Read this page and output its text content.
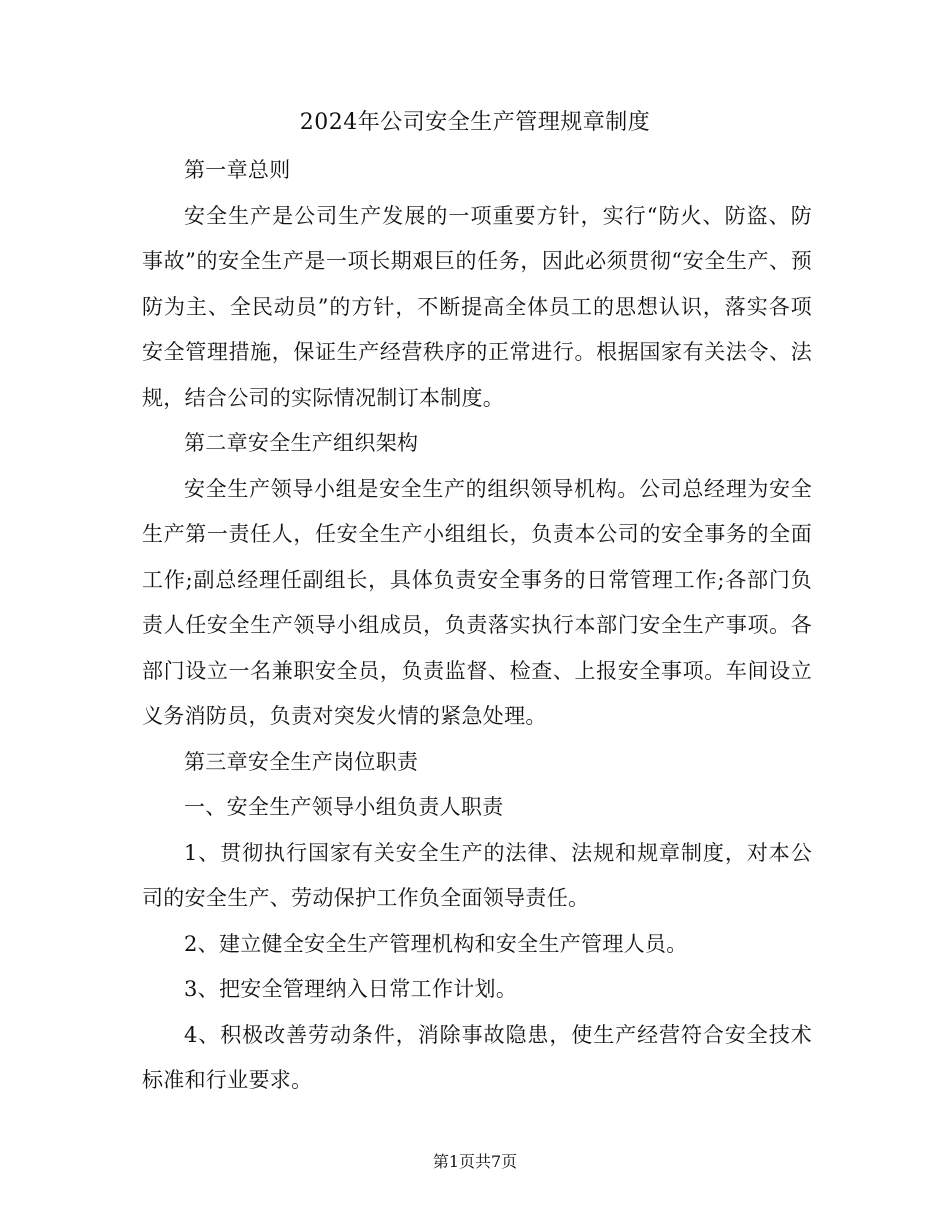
2024年公司安全生产管理规章制度

第一章总则

安全生产是公司生产发展的一项重要方针，实行“防火、防盗、防事故”的安全生产是一项长期艰巨的任务，因此必须贯彻“安全生产、预防为主、全民动员”的方针，不断提高全体员工的思想认识，落实各项安全管理措施，保证生产经营秩序的正常进行。根据国家有关法令、法规，结合公司的实际情况制订本制度。

第二章安全生产组织架构

安全生产领导小组是安全生产的组织领导机构。公司总经理为安全生产第一责任人，任安全生产小组组长，负责本公司的安全事务的全面工作;副总经理任副组长，具体负责安全事务的日常管理工作;各部门负责人任安全生产领导小组成员，负责落实执行本部门安全生产事项。各部门设立一名兼职安全员，负责监督、检查、上报安全事项。车间设立义务消防员，负责对突发火情的紧急处理。

第三章安全生产岗位职责

一、安全生产领导小组负责人职责

1、贯彻执行国家有关安全生产的法律、法规和规章制度，对本公司的安全生产、劳动保护工作负全面领导责任。

2、建立健全安全生产管理机构和安全生产管理人员。

3、把安全管理纳入日常工作计划。

4、积极改善劳动条件，消除事故隐患，使生产经营符合安全技术标准和行业要求。

第1页共7页
